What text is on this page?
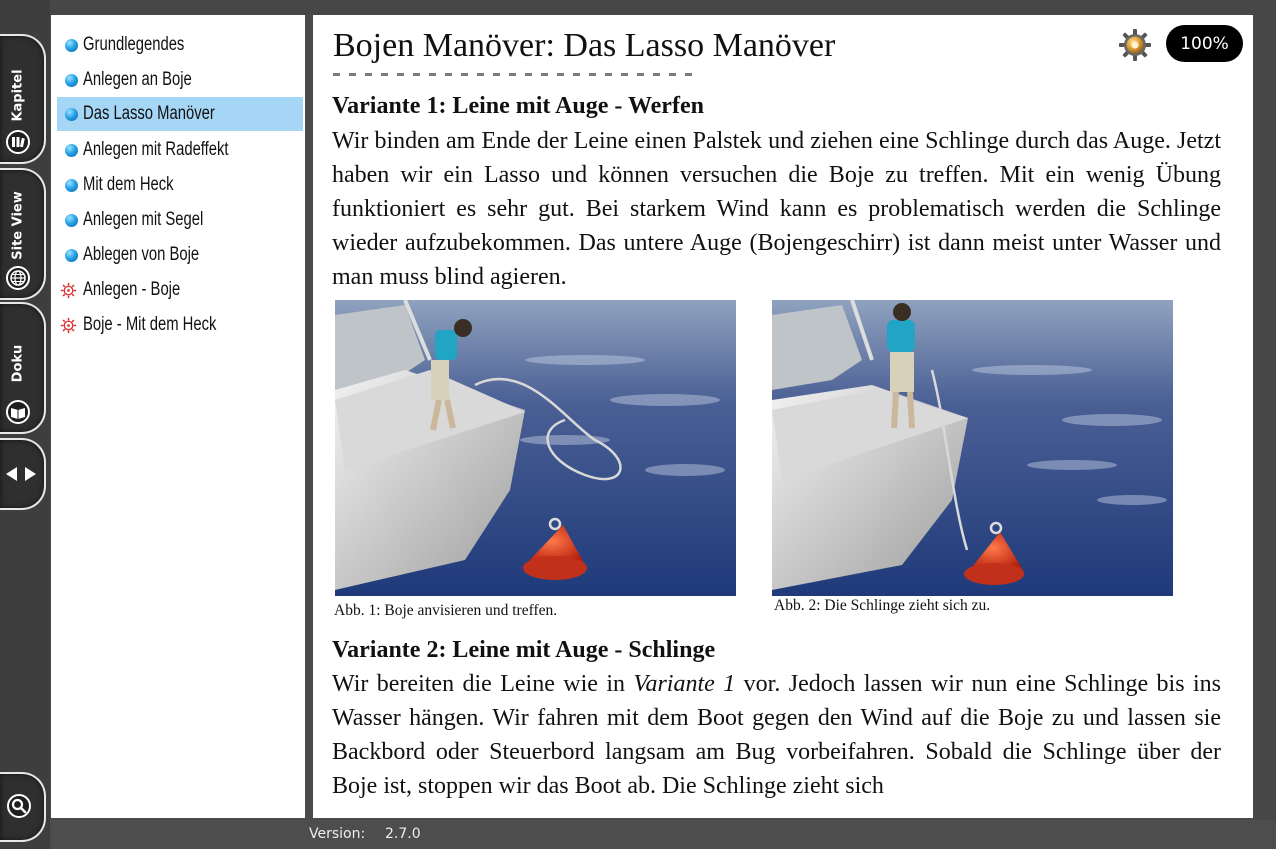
Kapitel
Site View
Doku
Grundlegendes
Anlegen an Boje
Das Lasso Manöver
Anlegen mit Radeffekt
Mit dem Heck
Anlegen mit Segel
Ablegen von Boje
Anlegen - Boje
Boje - Mit dem Heck
Bojen Manöver: Das Lasso Manöver	100%
Variante 1: Leine mit Auge - Werfen

Wir binden am Ende der Leine einen Palstek und ziehen eine Schlinge durch das Auge. Jetzt haben wir ein Lasso und können versuchen die Boje zu treffen. Mit ein wenig Übung funktioniert es sehr gut. Bei starkem Wind kann es problematisch werden die Schlinge wieder aufzubekommen. Das untere Auge (Bojengeschirr) ist dann meist unter Wasser und man muss blind agieren.

Abb. 1: Boje anvisieren und treffen.	Abb. 2: Die Schlinge zieht sich zu.
Variante 2: Leine mit Auge - Schlinge

Wir bereiten die Leine wie in Variante 1 vor. Jedoch lassen wir nun eine Schlinge bis ins Wasser hängen. Wir fahren mit dem Boot gegen den Wind auf die Boje zu und lassen sie Backbord oder Steuerbord langsam am Bug vorbeifahren. Sobald die Schlinge über der Boje ist, stoppen wir das Boot ab. Die Schlinge zieht sich

Version: 2.7.0
